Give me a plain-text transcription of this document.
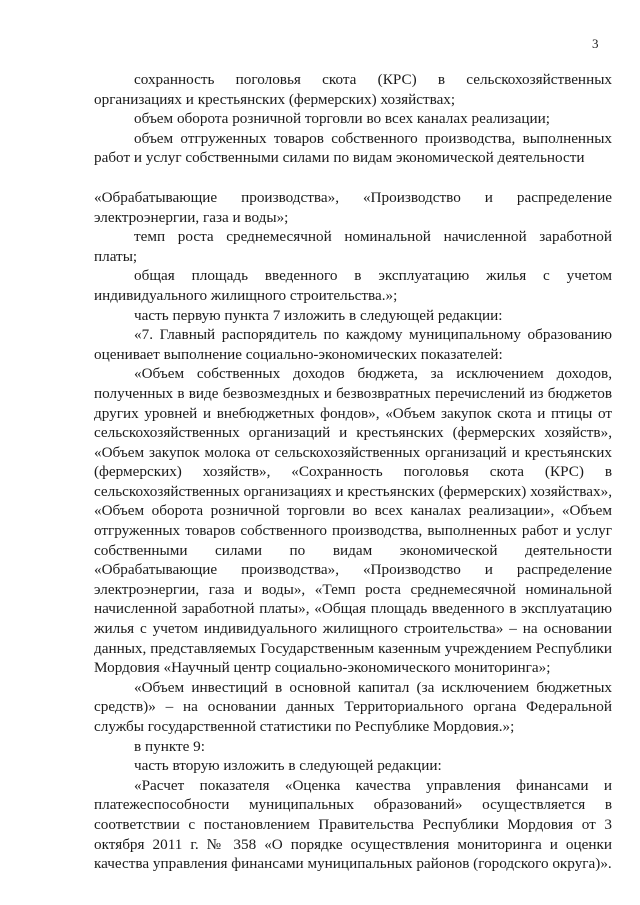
3

сохранность поголовья скота (КРС) в сельскохозяйственных организациях и крестьянских (фермерских) хозяйствах;

объем оборота розничной торговли во всех каналах реализации;

объем отгруженных товаров собственного производства, выполненных работ и услуг собственными силами по видам экономической деятельности

«Обрабатывающие производства», «Производство и распределение электроэнергии, газа и воды»;

темп роста среднемесячной номинальной начисленной заработной платы;

общая площадь введенного в эксплуатацию жилья с учетом индивидуального жилищного строительства.»;

часть первую пункта 7 изложить в следующей редакции:

«7. Главный распорядитель по каждому муниципальному образованию оценивает выполнение социально-экономических показателей:

«Объем собственных доходов бюджета, за исключением доходов, полученных в виде безвозмездных и безвозвратных перечислений из бюджетов других уровней и внебюджетных фондов», «Объем закупок скота и птицы от сельскохозяйственных организаций и крестьянских (фермерских хозяйств», «Объем закупок молока от сельскохозяйственных организаций и крестьянских (фермерских) хозяйств», «Сохранность поголовья скота (КРС) в сельскохозяйственных организациях и крестьянских (фермерских) хозяйствах», «Объем оборота розничной торговли во всех каналах реализации», «Объем отгруженных товаров собственного производства, выполненных работ и услуг собственными силами по видам экономической деятельности «Обрабатывающие производства», «Производство и распределение электроэнергии, газа и воды», «Темп роста среднемесячной номинальной начисленной заработной платы», «Общая площадь введенного в эксплуатацию жилья с учетом индивидуального жилищного строительства» – на основании данных, представляемых Государственным казенным учреждением Республики Мордовия «Научный центр социально-экономического мониторинга»;

«Объем инвестиций в основной капитал (за исключением бюджетных средств)» – на основании данных Территориального органа Федеральной службы государственной статистики по Республике Мордовия.»;

в пункте 9:

часть вторую изложить в следующей редакции:

«Расчет показателя «Оценка качества управления финансами и платежеспособности муниципальных образований» осуществляется в соответствии с постановлением Правительства Республики Мордовия от 3 октября 2011 г. № 358 «О порядке осуществления мониторинга и оценки качества управления финансами муниципальных районов (городского округа)».
